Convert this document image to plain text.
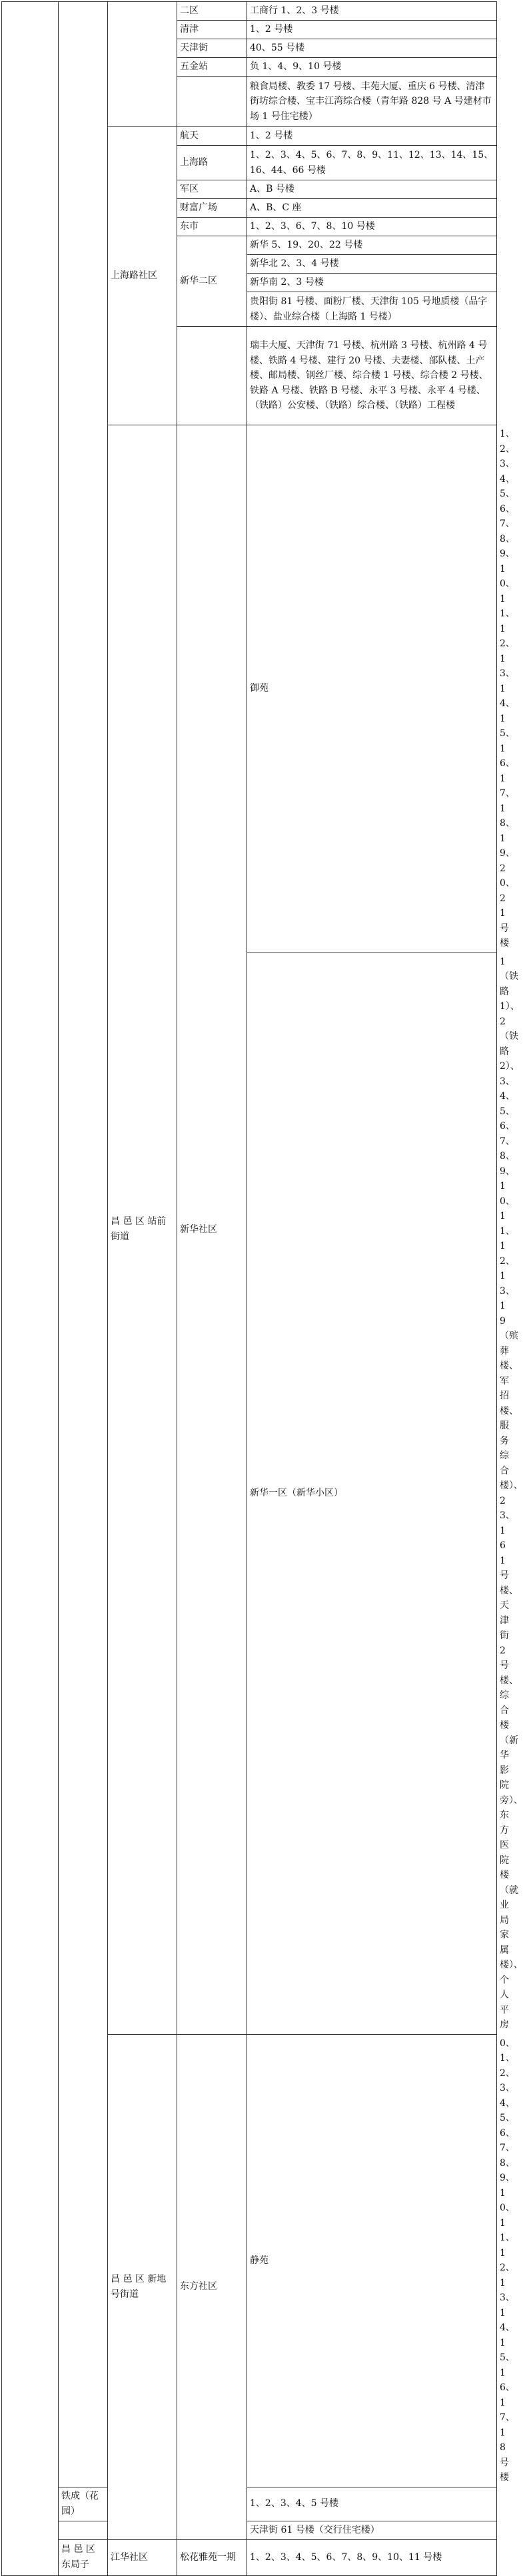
			二区	工商行 1、2、3 号楼	
			清津	1、2 号楼	
			天津街	40、55 号楼	
			五金站	负 1、4、9、10 号楼	
				粮食局楼、教委 17 号楼、丰苑大厦、重庆 6 号楼、清津街坊综合楼、宝丰江湾综合楼（青年路 828 号 A 号建材市场 1 号住宅楼）	
		上海路社区	航天	1、2 号楼	
			上海路	1、2、3、4、5、6、7、8、9、11、12、13、14、15、16、44、66 号楼	
			军区	A、B 号楼	
			财富广场	A、B、C 座	
			东市	1、2、3、6、7、8、10 号楼	
			新华二区	新华 5、19、20、22 号楼	
				新华北 2、3、4 号楼	
				新华南 2、3 号楼	
				贵阳街 81 号楼、面粉厂楼、天津街 105 号地质楼（品字楼）、盐业综合楼（上海路 1 号楼）	
				瑞丰大厦、天津街 71 号楼、杭州路 3 号楼、杭州路 4 号楼、铁路 4 号楼、建行 20 号楼、夫妻楼、部队楼、土产楼、邮局楼、钢丝厂楼、综合楼 1 号楼、综合楼 2 号楼、铁路 A 号楼、铁路 B 号楼、永平 3 号楼、永平 4 号楼、（铁路）公安楼、（铁路）综合楼、（铁路）工程楼	
		昌 邑 区 站前街道	新华社区	御苑	1、2、3、4、5、6、7、8、9、10、11、12、13、14、15、16、17、18、19、20、21 号楼
				新华一区（新华小区）	1（铁路 1）、2（铁路 2）、3、4、5、6、7、8、9、10、11、12、13、19（殡葬楼、军招楼、服务综合楼）、23、161 号楼、天津街 2 号楼、综合楼（新华影院旁）、东方医院楼（就业局家属楼）、个人平房
		昌 邑 区 新地号街道	东方社区	静苑	0、1、2、3、4、5、6、7、8、9、10、11、12、13、14、15、16、17、18 号楼
	铁成（花园）			1、2、3、4、5 号楼	
				天津街 61 号楼（交行住宅楼）	
	昌 邑 区 东局子	江华社区	松花雅苑一期	1、2、3、4、5、6、7、8、9、10、11 号楼	
